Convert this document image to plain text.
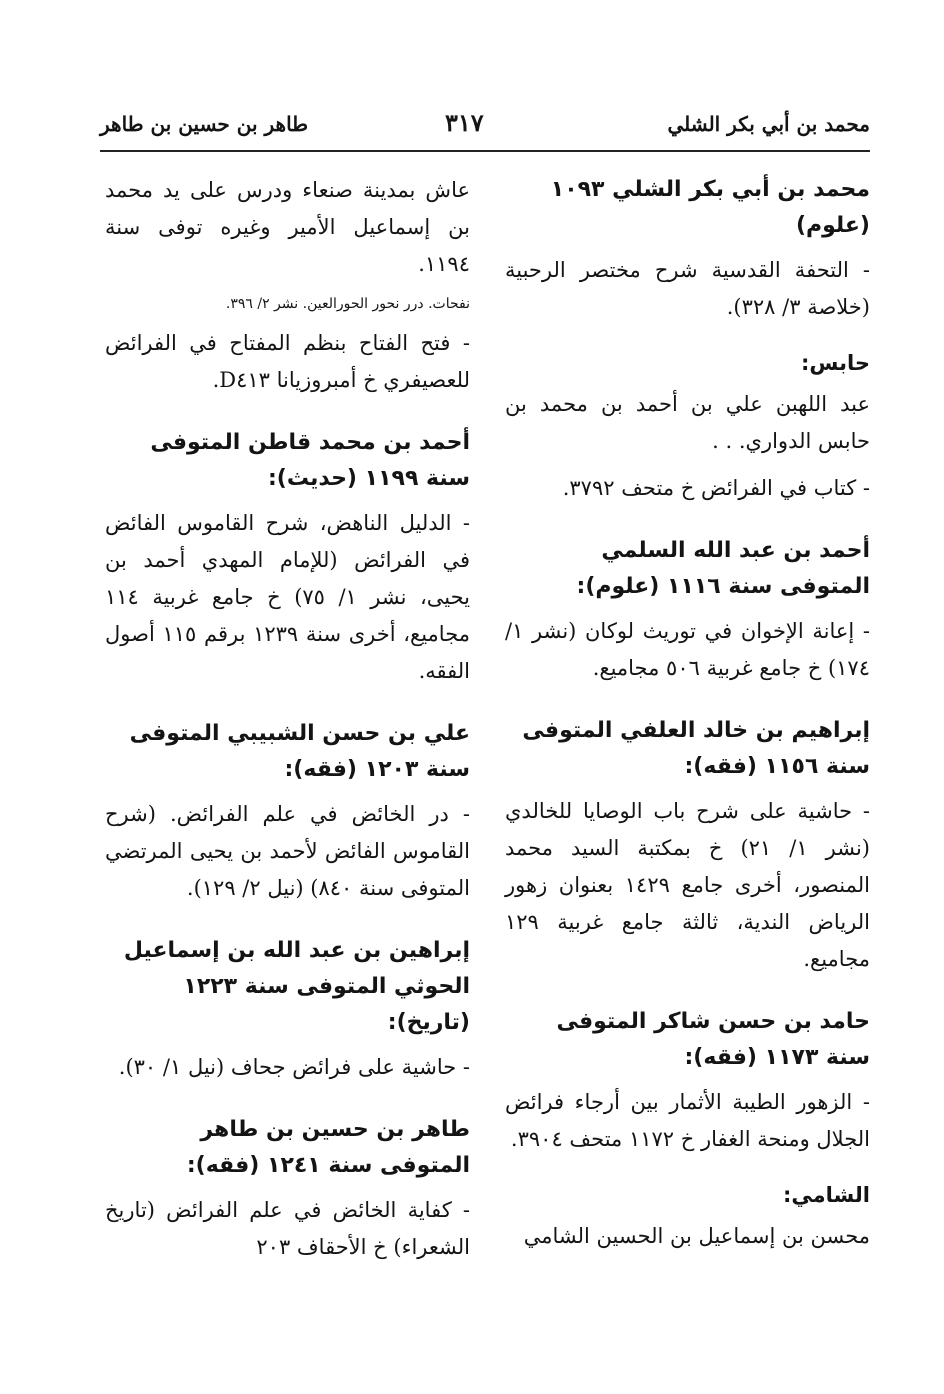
محمد بن أبي بكر الشلي
٣١٧
طاهر بن حسين بن طاهر
محمد بن أبي بكر الشلي ١٠٩٣ (علوم)
- التحفة القدسية شرح مختصر الرحبية (خلاصة ٣/ ٣٢٨).
حابس:
عبد اللهبن علي بن أحمد بن محمد بن حابس الدواري. . .
- كتاب في الفرائض خ متحف ٣٧٩٢.
أحمد بن عبد الله السلمي المتوفى سنة ١١١٦ (علوم):
- إعانة الإخوان في توريث لوكان (نشر ١/ ١٧٤) خ جامع غربية ٥٠٦ مجاميع.
إبراهيم بن خالد العلفي المتوفى سنة ١١٥٦ (فقه):
- حاشية على شرح باب الوصايا للخالدي (نشر ١/ ٢١) خ بمكتبة السيد محمد المنصور، أخرى جامع ١٤٢٩ بعنوان زهور الرياض الندية، ثالثة جامع غربية ١٢٩ مجاميع.
حامد بن حسن شاكر المتوفى سنة ١١٧٣ (فقه):
- الزهور الطيبة الأثمار بين أرجاء فرائض الجلال ومنحة الغفار خ ١١٧٢ متحف ٣٩٠٤.
الشامي:
محسن بن إسماعيل بن الحسين الشامي
عاش بمدينة صنعاء ودرس على يد محمد بن إسماعيل الأمير وغيره توفى سنة ١١٩٤.
نفحات. درر نحور الحورالعين. نشر ٢/ ٣٩٦.
- فتح الفتاح بنظم المفتاح في الفرائض للعصيفري خ أمبروزيانا D٤١٣.
أحمد بن محمد قاطن المتوفى سنة ١١٩٩ (حديث):
- الدليل الناهض، شرح القاموس الفائض في الفرائض (للإمام المهدي أحمد بن يحيى، نشر ١/ ٧٥) خ جامع غربية ١١٤ مجاميع، أخرى سنة ١٢٣٩ برقم ١١٥ أصول الفقه.
علي بن حسن الشبيبي المتوفى سنة ١٢٠٣ (فقه):
- در الخائض في علم الفرائض. (شرح القاموس الفائض لأحمد بن يحيى المرتضي المتوفى سنة ٨٤٠) (نيل ٢/ ١٢٩).
إبراهين بن عبد الله بن إسماعيل الحوثي المتوفى سنة ١٢٢٣ (تاريخ):
- حاشية على فرائض جحاف (نيل ١/ ٣٠).
طاهر بن حسين بن طاهر المتوفى سنة ١٢٤١ (فقه):
- كفاية الخائض في علم الفرائض (تاريخ الشعراء) خ الأحقاف ٢٠٣
